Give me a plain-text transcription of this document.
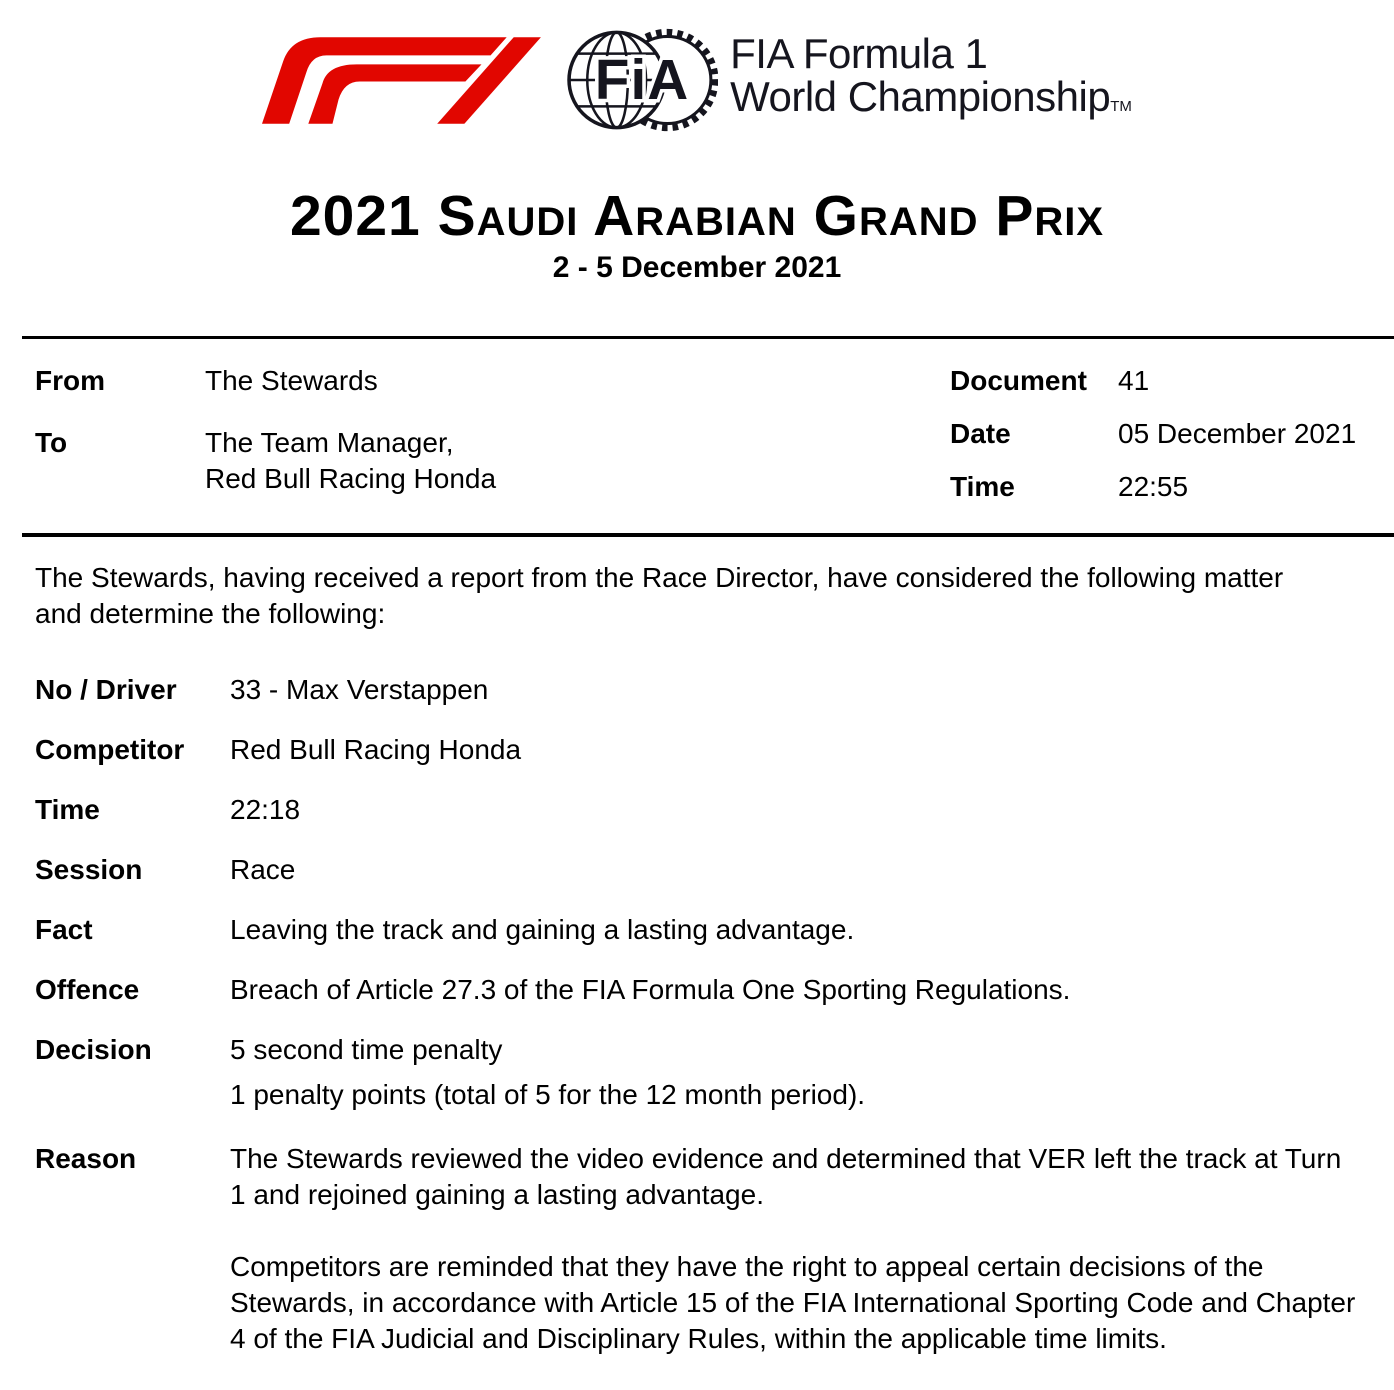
FiA FIA Formula 1
World ChampionshipTM
2021 Saudi Arabian Grand Prix
2 - 5 December 2021
From	The Stewards
To	The Team Manager,
Red Bull Racing Honda
Document	41
Date	05 December 2021
Time	22:55
The Stewards, having received a report from the Race Director, have considered the following matter and determine the following:
No / Driver	33 - Max Verstappen
Competitor	Red Bull Racing Honda
Time	22:18
Session	Race
Fact	Leaving the track and gaining a lasting advantage.
Offence	Breach of Article 27.3 of the FIA Formula One Sporting Regulations.
Decision	5 second time penalty
1 penalty points (total of 5 for the 12 month period).
Reason	The Stewards reviewed the video evidence and determined that VER left the track at Turn 1 and rejoined gaining a lasting advantage.
Competitors are reminded that they have the right to appeal certain decisions of the Stewards, in accordance with Article 15 of the FIA International Sporting Code and Chapter 4 of the FIA Judicial and Disciplinary Rules, within the applicable time limits.
